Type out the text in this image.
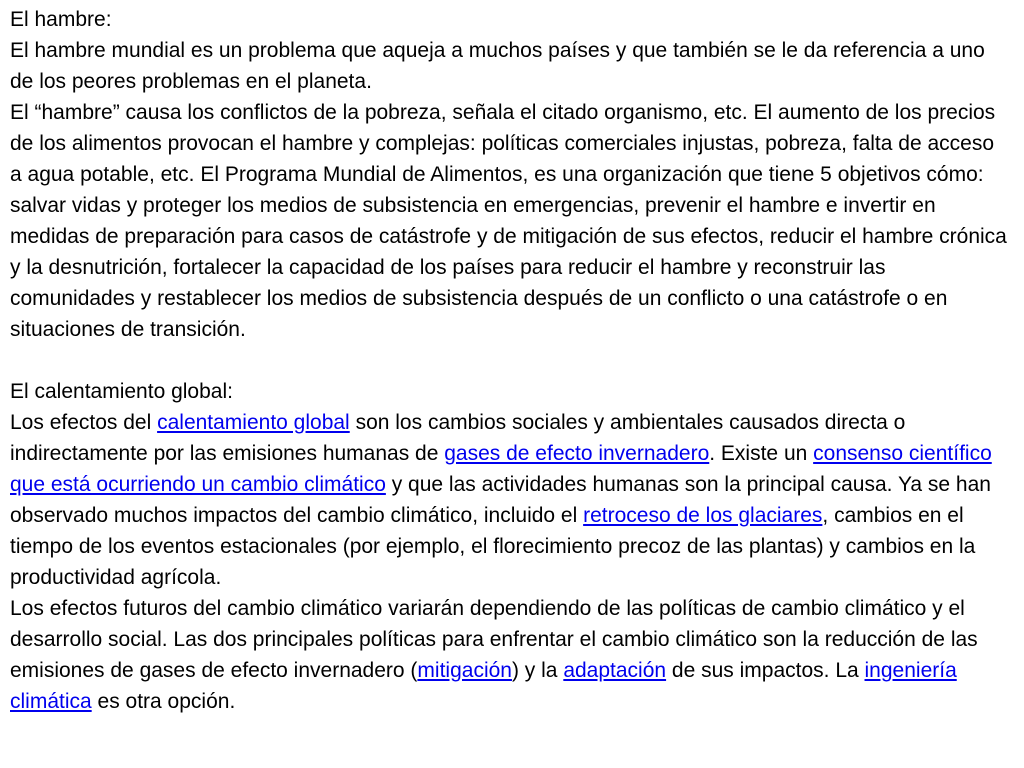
El hambre:

El hambre mundial es un problema que aqueja a muchos países y que también se le da referencia a uno de los peores problemas en el planeta.

El “hambre” causa los conflictos de la pobreza, señala el citado organismo, etc. El aumento de los precios de los alimentos provocan el hambre y complejas: políticas comerciales injustas, pobreza, falta de acceso a agua potable, etc. El Programa Mundial de Alimentos, es una organización que tiene 5 objetivos cómo: salvar vidas y proteger los medios de subsistencia en emergencias, prevenir el hambre e invertir en medidas de preparación para casos de catástrofe y de mitigación de sus efectos, reducir el hambre crónica y la desnutrición, fortalecer la capacidad de los países para reducir el hambre y reconstruir las comunidades y restablecer los medios de subsistencia después de un conflicto o una catástrofe o en situaciones de transición.

El calentamiento global:

Los efectos del calentamiento global son los cambios sociales y ambientales causados directa o indirectamente por las emisiones humanas de gases de efecto invernadero. Existe un consenso científico que está ocurriendo un cambio climático y que las actividades humanas son la principal causa. Ya se han observado muchos impactos del cambio climático, incluido el retroceso de los glaciares, cambios en el tiempo de los eventos estacionales (por ejemplo, el florecimiento precoz de las plantas) y cambios en la productividad agrícola.

Los efectos futuros del cambio climático variarán dependiendo de las políticas de cambio climático y el desarrollo social. Las dos principales políticas para enfrentar el cambio climático son la reducción de las emisiones de gases de efecto invernadero (mitigación) y la adaptación de sus impactos. La ingeniería climática es otra opción.
